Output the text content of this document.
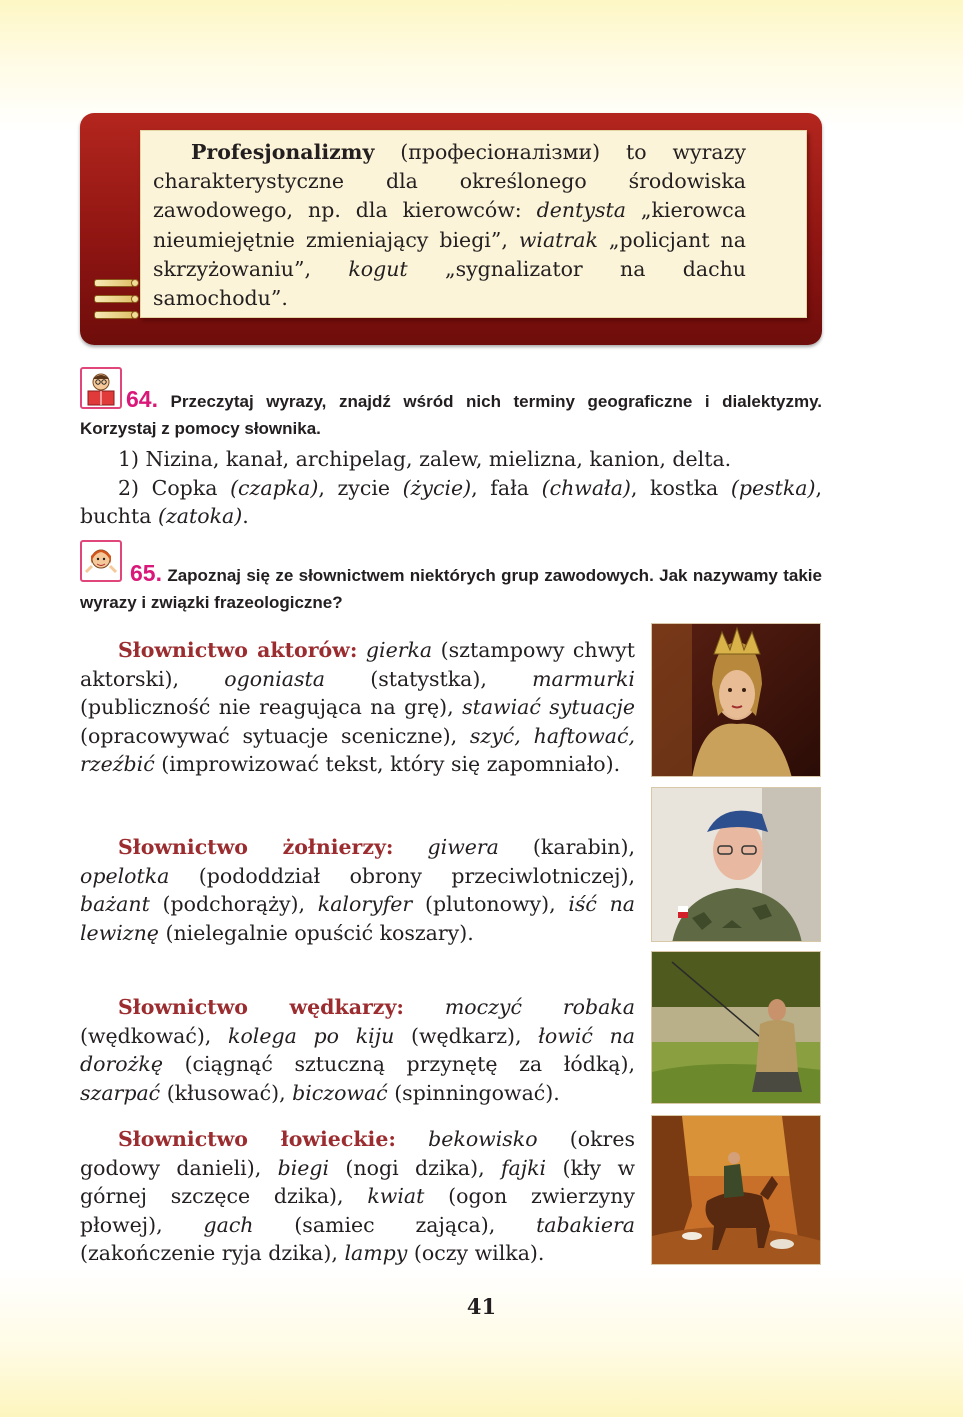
Profesjonalizmy (професіоналізми) to wyrazy charakterystyczne dla określonego środowiska zawodowego, np. dla kierowców: dentysta „kierowca nieumiejętnie zmieniający biegi”, wiatrak „policjant na skrzyżowaniu”, kogut „sygnalizator na dachu samochodu”.
64. Przeczytaj wyrazy, znajdź wśród nich terminy geograficzne i dialektyzmy. Korzystaj z pomocy słownika.
1) Nizina, kanał, archipelag, zalew, mielizna, kanion, delta.
2) Copka (czapka), zycie (życie), fała (chwała), kostka (pestka), buchta (zatoka).
65. Zapoznaj się ze słownictwem niektórych grup zawodowych. Jak nazywamy takie wyrazy i związki frazeologiczne?
Słownictwo aktorów: gierka (sztampowy chwyt aktorski), ogoniasta (statystka), marmurki (publiczność nie reagująca na grę), stawiać sytuacje (opracowywać sytuacje sceniczne), szyć, haftować, rzeźbić (improwizować tekst, który się zapomniało).
Słownictwo żołnierzy: giwera (karabin), opelotka (pododdział obrony przeciwlotniczej), bażant (podchorąży), kaloryfer (plutonowy), iść na lewiznę (nielegalnie opuścić koszary).
Słownictwo wędkarzy: moczyć robaka (wędkować), kolega po kiju (wędkarz), łowić na dorożkę (ciągnąć sztuczną przynętę za łódką), szarpać (kłusować), biczować (spinningować).
Słownictwo łowieckie: bekowisko (okres godowy danieli), biegi (nogi dzika), fajki (kły w górnej szczęce dzika), kwiat (ogon zwierzyny płowej), gach (samiec zająca), tabakiera (zakończenie ryja dzika), lampy (oczy wilka).
41
